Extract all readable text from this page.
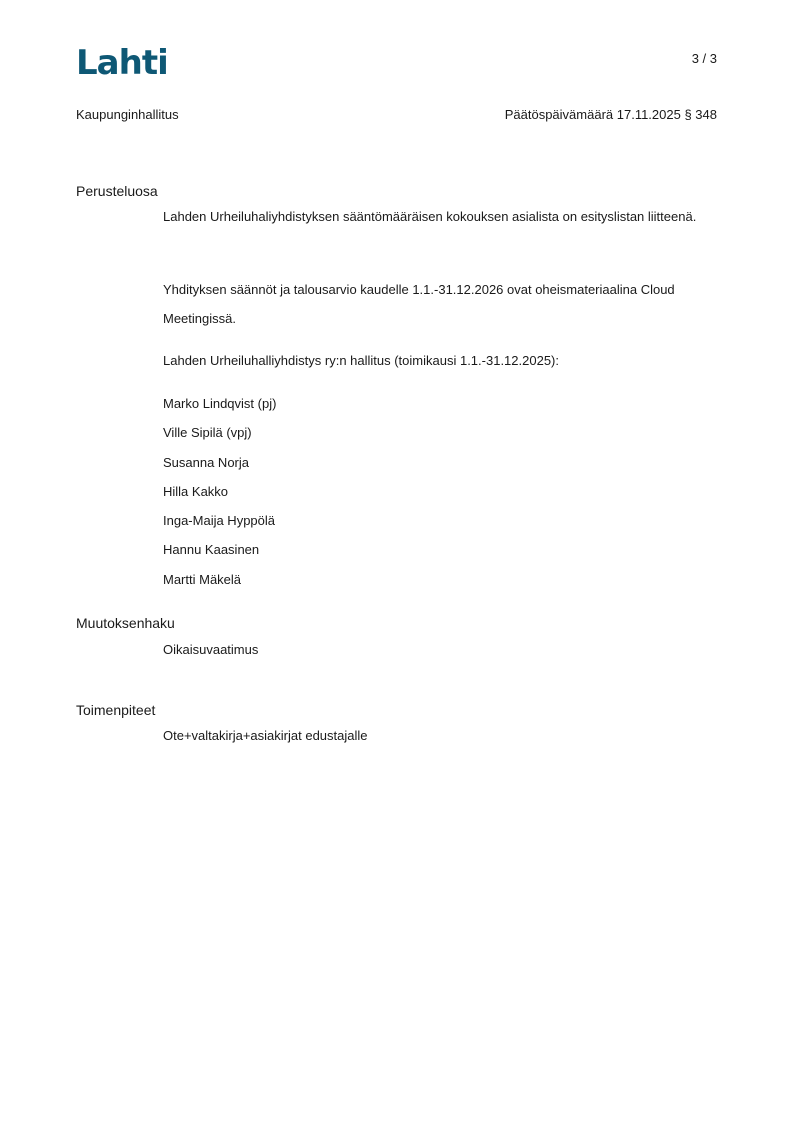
Lahti	3 / 3
Kaupunginhallitus	Päätöspäivämäärä 17.11.2025 § 348
Perusteluosa
Lahden Urheiluhaliyhdistyksen sääntömääräisen kokouksen asialista on esityslistan liitteenä.
Yhdityksen säännöt ja talousarvio kaudelle 1.1.-31.12.2026 ovat oheismateriaalina Cloud Meetingissä.
Lahden Urheiluhalliyhdistys ry:n hallitus (toimikausi 1.1.-31.12.2025):
Marko Lindqvist (pj)
Ville Sipilä (vpj)
Susanna Norja
Hilla Kakko
Inga-Maija Hyppölä
Hannu Kaasinen
Martti Mäkelä
Muutoksenhaku
Oikaisuvaatimus
Toimenpiteet
Ote+valtakirja+asiakirjat edustajalle
